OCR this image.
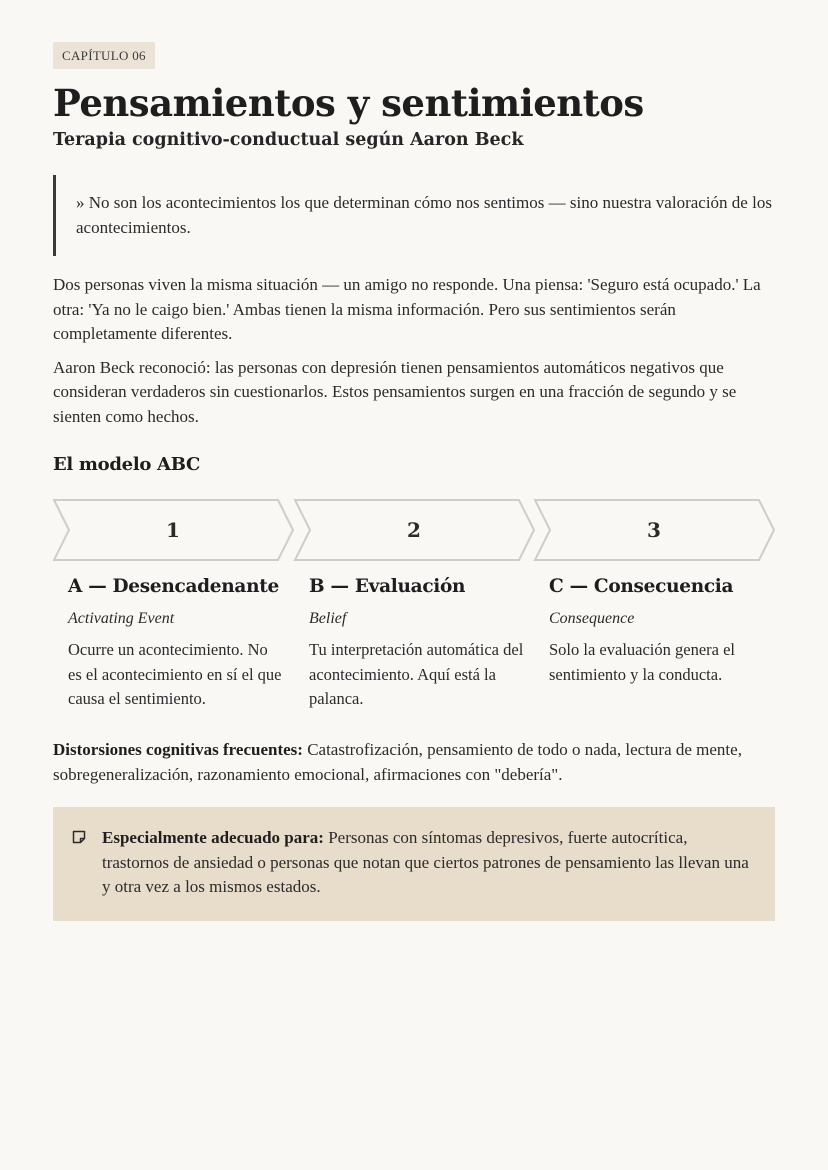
CAPÍTULO 06
Pensamientos y sentimientos
Terapia cognitivo-conductual según Aaron Beck
» No son los acontecimientos los que determinan cómo nos sentimos — sino nuestra valoración de los acontecimientos.

Dos personas viven la misma situación — un amigo no responde. Una piensa: 'Seguro está ocupado.' La otra: 'Ya no le caigo bien.' Ambas tienen la misma información. Pero sus sentimientos serán completamente diferentes.

Aaron Beck reconoció: las personas con depresión tienen pensamientos automáticos negativos que consideran verdaderos sin cuestionarlos. Estos pensamientos surgen en una fracción de segundo y se sienten como hechos.

El modelo ABC
1	2	3
A — Desencadenante
Activating Event
Ocurre un acontecimiento. No es el acontecimiento en sí el que causa el sentimiento.
B — Evaluación
Belief
Tu interpretación automática del acontecimiento. Aquí está la palanca.
C — Consecuencia
Consequence
Solo la evaluación genera el sentimiento y la conducta.

Distorsiones cognitivas frecuentes: Catastrofización, pensamiento de todo o nada, lectura de mente, sobregeneralización, razonamiento emocional, afirmaciones con "debería".

Especialmente adecuado para: Personas con síntomas depresivos, fuerte autocrítica, trastornos de ansiedad o personas que notan que ciertos patrones de pensamiento las llevan una y otra vez a los mismos estados.
